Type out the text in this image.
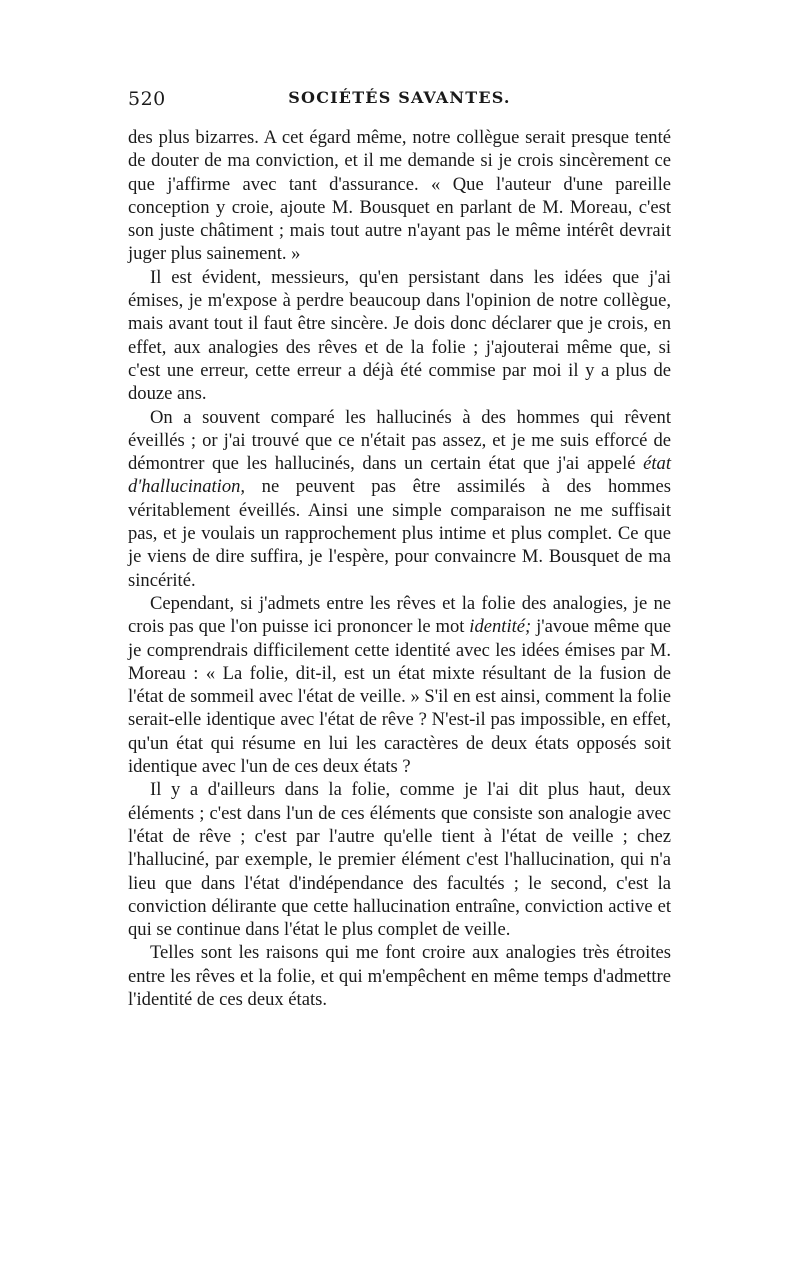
520	SOCIÉTÉS SAVANTES.

des plus bizarres. A cet égard même, notre collègue serait presque tenté de douter de ma conviction, et il me demande si je crois sincèrement ce que j'affirme avec tant d'assurance. « Que l'auteur d'une pareille conception y croie, ajoute M. Bousquet en parlant de M. Moreau, c'est son juste châtiment ; mais tout autre n'ayant pas le même intérêt devrait juger plus sainement. »

Il est évident, messieurs, qu'en persistant dans les idées que j'ai émises, je m'expose à perdre beaucoup dans l'opinion de notre collègue, mais avant tout il faut être sincère. Je dois donc déclarer que je crois, en effet, aux analogies des rêves et de la folie ; j'ajouterai même que, si c'est une erreur, cette erreur a déjà été commise par moi il y a plus de douze ans.

On a souvent comparé les hallucinés à des hommes qui rêvent éveillés ; or j'ai trouvé que ce n'était pas assez, et je me suis efforcé de démontrer que les hallucinés, dans un certain état que j'ai appelé état d'hallucination, ne peuvent pas être assimilés à des hommes véritablement éveillés. Ainsi une simple comparaison ne me suffisait pas, et je voulais un rapprochement plus intime et plus complet. Ce que je viens de dire suffira, je l'espère, pour convaincre M. Bousquet de ma sincérité.

Cependant, si j'admets entre les rêves et la folie des analogies, je ne crois pas que l'on puisse ici prononcer le mot identité; j'avoue même que je comprendrais difficilement cette identité avec les idées émises par M. Moreau : « La folie, dit-il, est un état mixte résultant de la fusion de l'état de sommeil avec l'état de veille. » S'il en est ainsi, comment la folie serait-elle identique avec l'état de rêve ? N'est-il pas impossible, en effet, qu'un état qui résume en lui les caractères de deux états opposés soit identique avec l'un de ces deux états ?

Il y a d'ailleurs dans la folie, comme je l'ai dit plus haut, deux éléments ; c'est dans l'un de ces éléments que consiste son analogie avec l'état de rêve ; c'est par l'autre qu'elle tient à l'état de veille ; chez l'halluciné, par exemple, le premier élément c'est l'hallucination, qui n'a lieu que dans l'état d'indépendance des facultés ; le second, c'est la conviction délirante que cette hallucination entraîne, conviction active et qui se continue dans l'état le plus complet de veille.

Telles sont les raisons qui me font croire aux analogies très étroites entre les rêves et la folie, et qui m'empêchent en même temps d'admettre l'identité de ces deux états.
